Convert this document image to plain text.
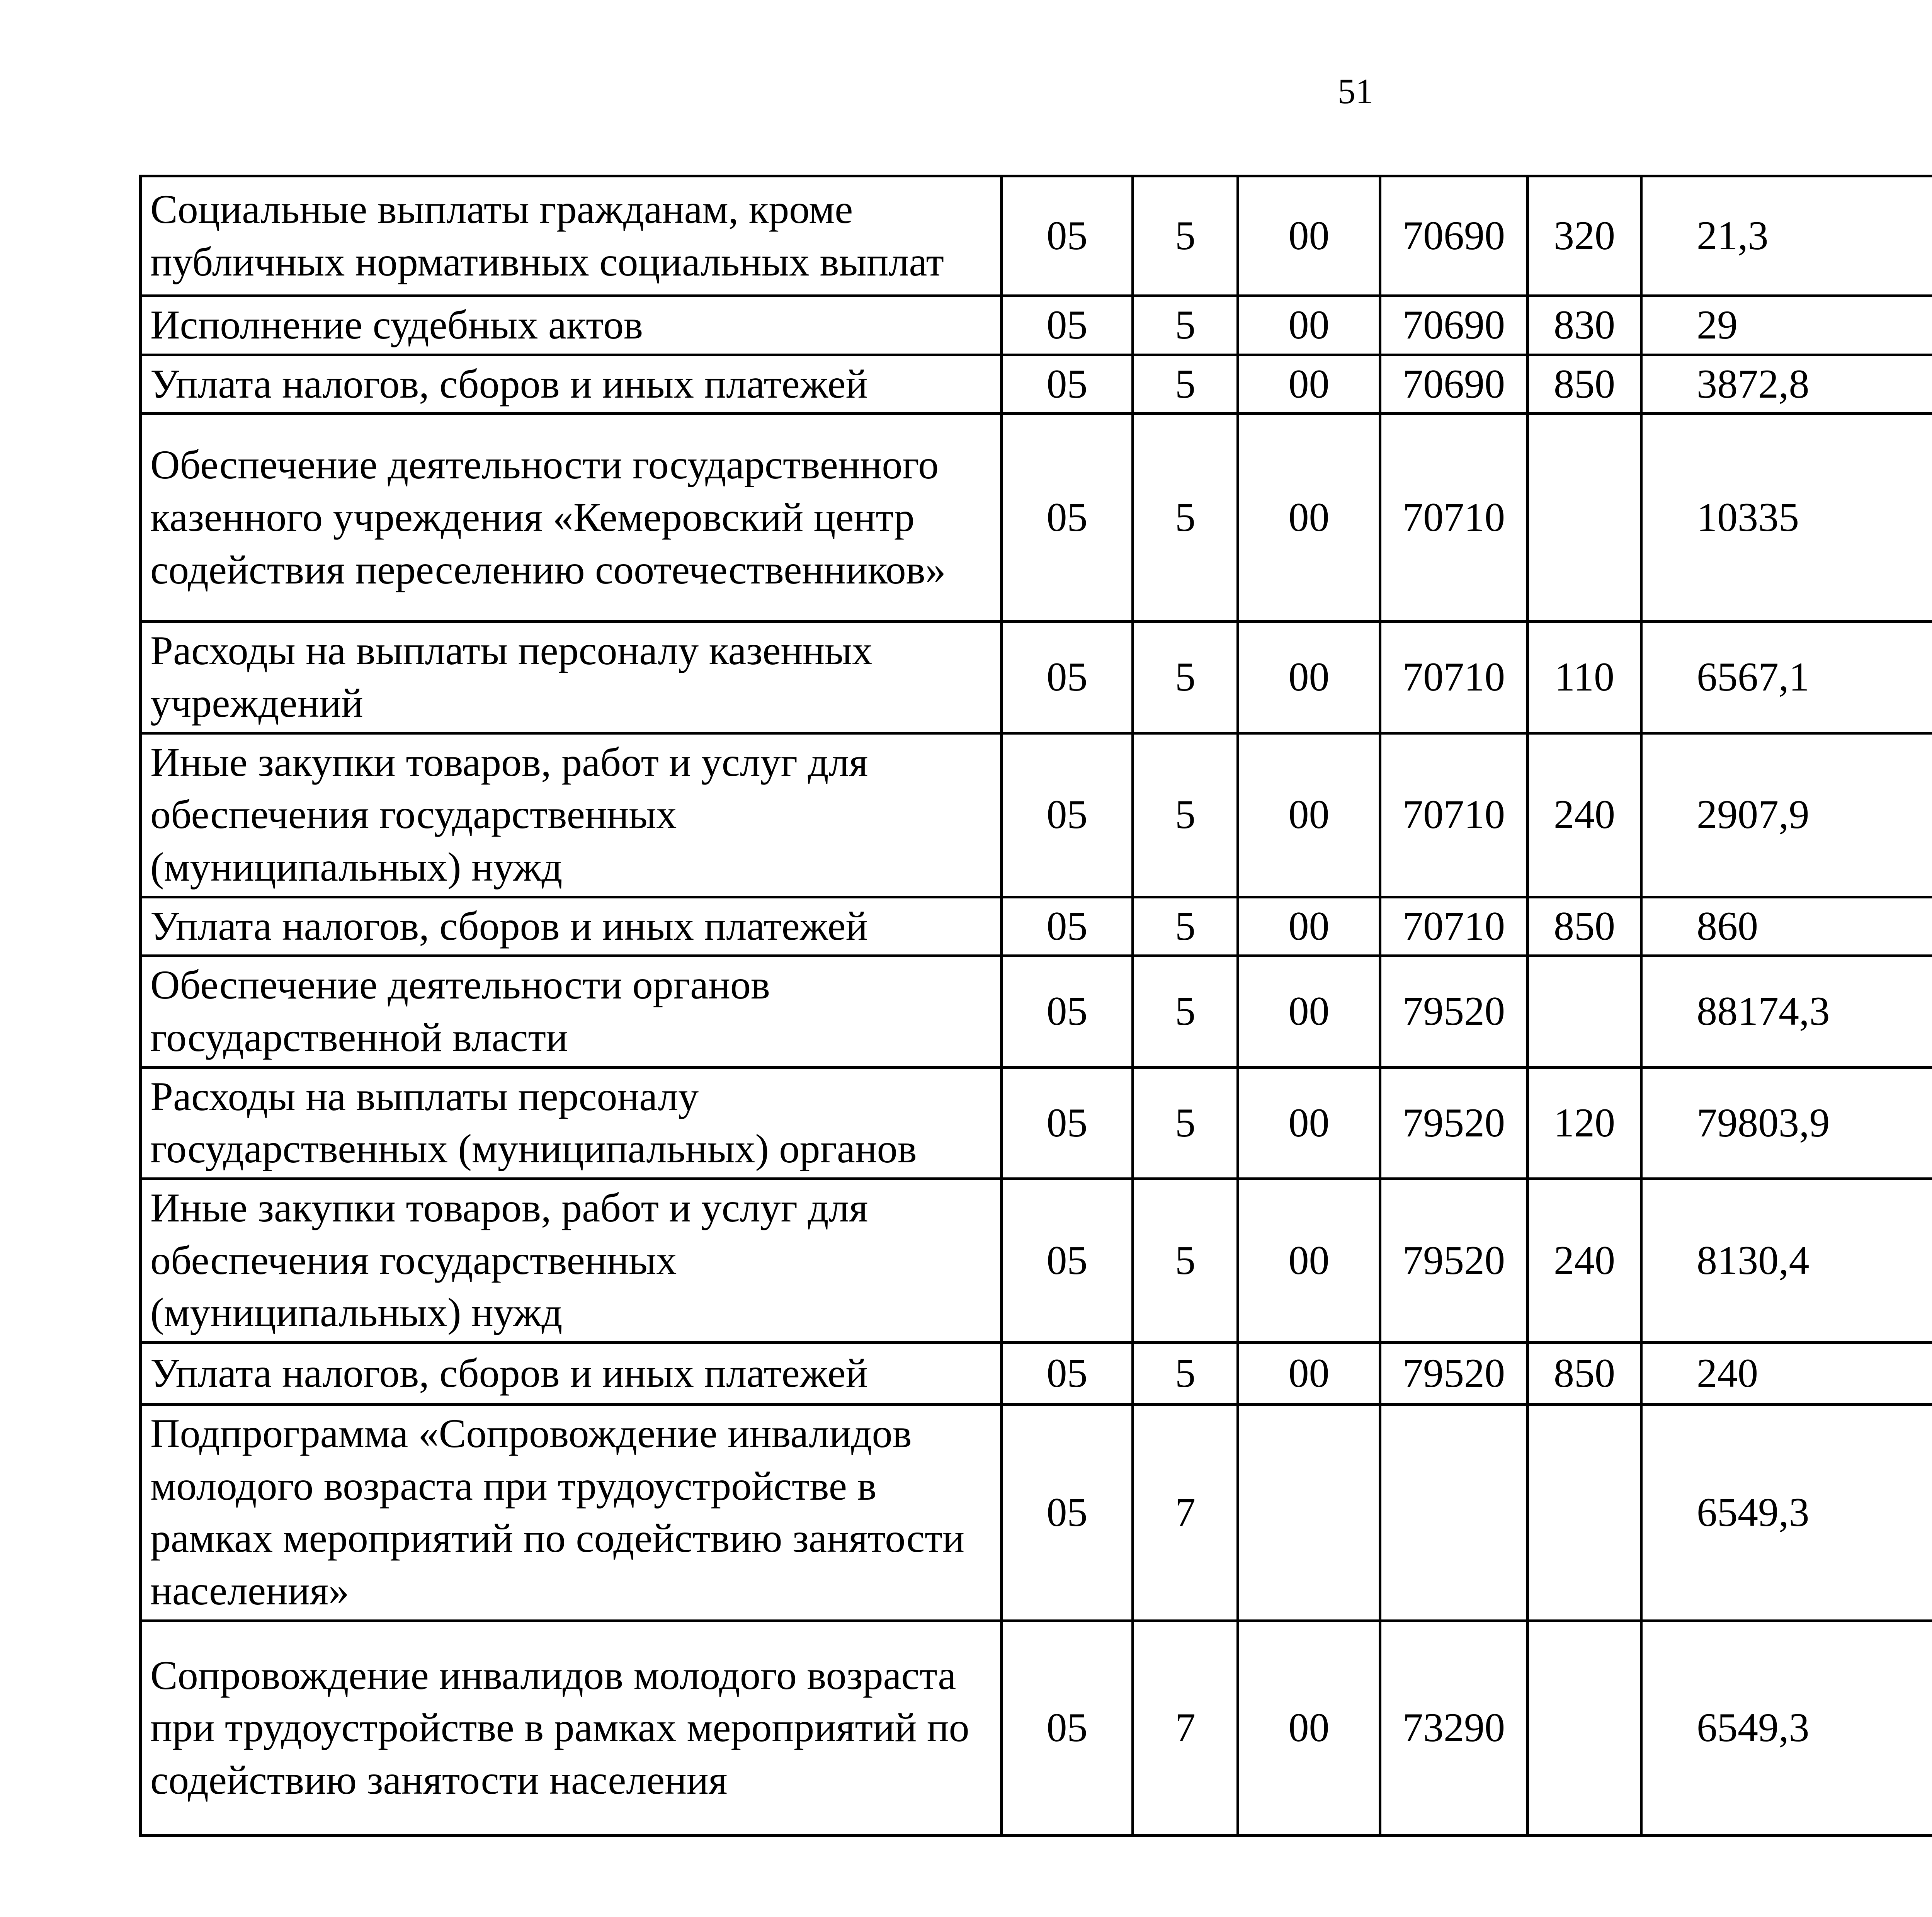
51
Социальные выплаты гражданам, кроме публичных нормативных социальных выплат	05	5	00	70690	320	21,3		
Исполнение судебных актов	05	5	00	70690	830	29		
Уплата налогов, сборов и иных платежей	05	5	00	70690	850	3872,8		
Обеспечение деятельности государственного казенного учреждения «Кемеровский центр содействия переселению соотечественников»	05	5	00	70710		10335		
Расходы на выплаты персоналу казенных учреждений	05	5	00	70710	110	6567,1		
Иные закупки товаров, работ и услуг для обеспечения государственных (муниципальных) нужд	05	5	00	70710	240	2907,9		
Уплата налогов, сборов и иных платежей	05	5	00	70710	850	860		
Обеспечение деятельности органов государственной власти	05	5	00	79520		88174,3		
Расходы на выплаты персоналу государственных (муниципальных) органов	05	5	00	79520	120	79803,9		
Иные закупки товаров, работ и услуг для обеспечения государственных (муниципальных) нужд	05	5	00	79520	240	8130,4		
Уплата налогов, сборов и иных платежей	05	5	00	79520	850	240		
Подпрограмма «Сопровождение инвалидов молодого возраста при трудоустройстве в рамках мероприятий по содействию занятости населения»	05	7				6549,3		
Сопровождение инвалидов молодого возраста при трудоустройстве в рамках мероприятий по содействию занятости населения	05	7	00	73290		6549,3		
